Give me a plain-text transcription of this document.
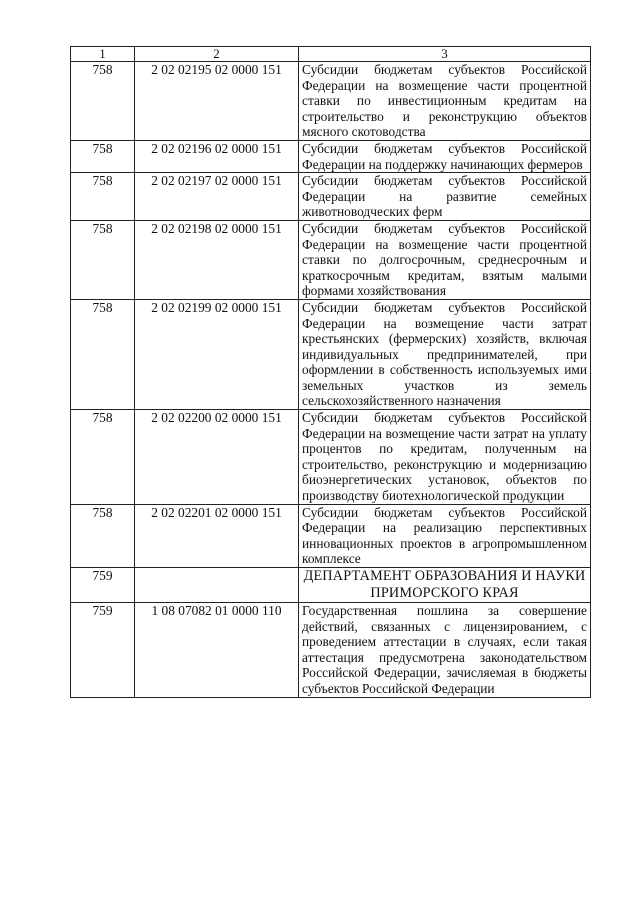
1	2	3
758	2 02 02195 02 0000 151	Субсидии бюджетам субъектов Российской Федерации на возмещение части процентной ставки по инвестиционным кредитам на строительство и реконструкцию объектов мясного скотоводства
758	2 02 02196 02 0000 151	Субсидии бюджетам субъектов Российской Федерации на поддержку начинающих фермеров
758	2 02 02197 02 0000 151	Субсидии бюджетам субъектов Российской Федерации на развитие семейных животноводческих ферм
758	2 02 02198 02 0000 151	Субсидии бюджетам субъектов Российской Федерации на возмещение части процентной ставки по долгосрочным, среднесрочным и краткосрочным кредитам, взятым малыми формами хозяйствования
758	2 02 02199 02 0000 151	Субсидии бюджетам субъектов Российской Федерации на возмещение части затрат крестьянских (фермерских) хозяйств, включая индивидуальных предпринимателей, при оформлении в собственность используемых ими земельных участков из земель сельскохозяйственного назначения
758	2 02 02200 02 0000 151	Субсидии бюджетам субъектов Российской Федерации на возмещение части затрат на уплату процентов по кредитам, полученным на строительство, реконструкцию и модернизацию биоэнергетических установок, объектов по производству биотехнологической продукции
758	2 02 02201 02 0000 151	Субсидии бюджетам субъектов Российской Федерации на реализацию перспективных инновационных проектов в агропромышленном комплексе
759		ДЕПАРТАМЕНТ ОБРАЗОВАНИЯ И НАУКИ ПРИМОРСКОГО КРАЯ
759	1 08 07082 01 0000 110	Государственная пошлина за совершение действий, связанных с лицензированием, с проведением аттестации в случаях, если такая аттестация предусмотрена законодательством Российской Федерации, зачисляемая в бюджеты субъектов Российской Федерации
